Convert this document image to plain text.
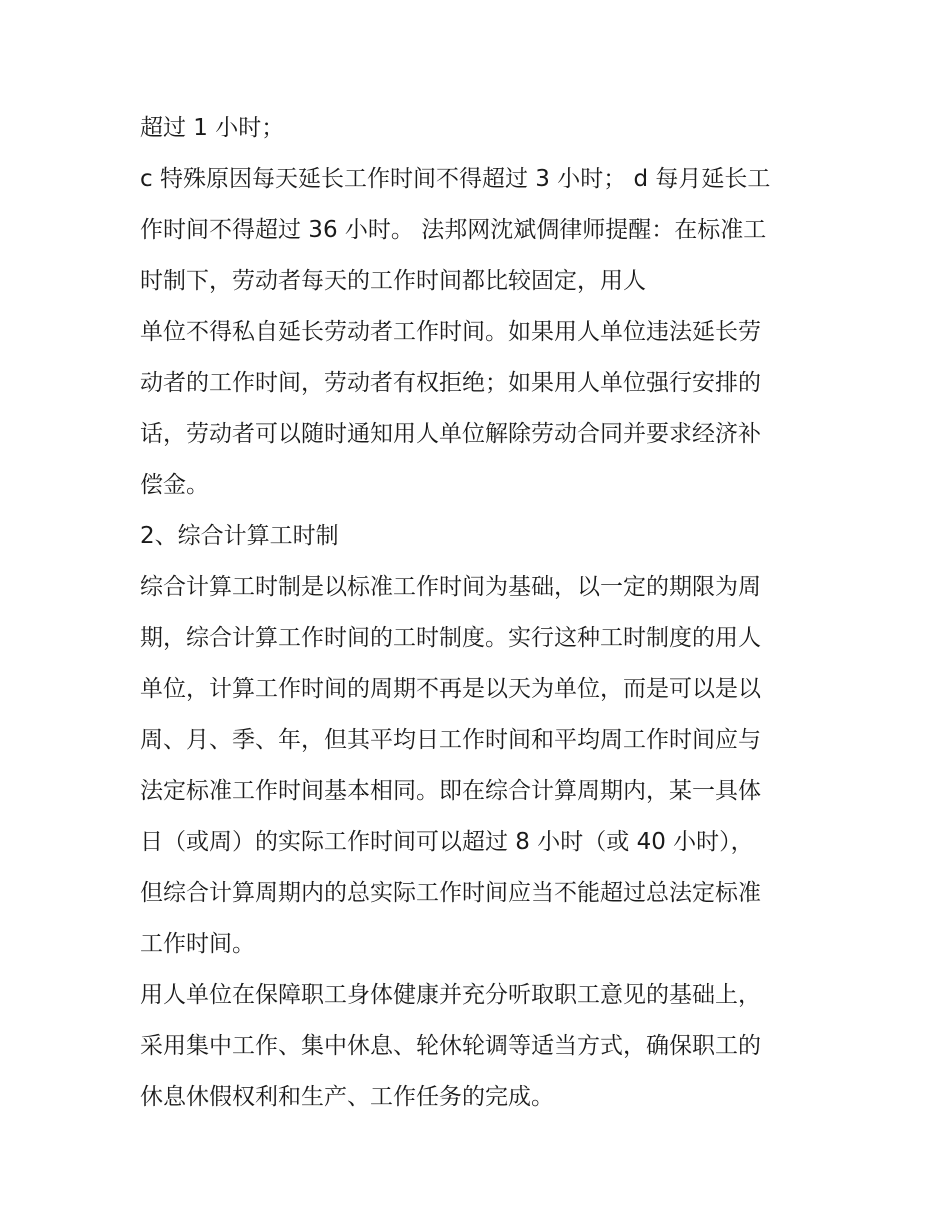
超过 1 小时；
c 特殊原因每天延长工作时间不得超过 3 小时； d 每月延长工
作时间不得超过 36 小时。 法邦网沈斌倜律师提醒：在标准工
时制下，劳动者每天的工作时间都比较固定，用人
单位不得私自延长劳动者工作时间。如果用人单位违法延长劳
动者的工作时间，劳动者有权拒绝；如果用人单位强行安排的
话，劳动者可以随时通知用人单位解除劳动合同并要求经济补
偿金。
2、综合计算工时制
综合计算工时制是以标准工作时间为基础，以一定的期限为周
期，综合计算工作时间的工时制度。实行这种工时制度的用人
单位，计算工作时间的周期不再是以天为单位，而是可以是以
周、月、季、年，但其平均日工作时间和平均周工作时间应与
法定标准工作时间基本相同。即在综合计算周期内，某一具体
日（或周）的实际工作时间可以超过 8 小时（或 40 小时），
但综合计算周期内的总实际工作时间应当不能超过总法定标准
工作时间。
用人单位在保障职工身体健康并充分听取职工意见的基础上，
采用集中工作、集中休息、轮休轮调等适当方式，确保职工的
休息休假权利和生产、工作任务的完成。
